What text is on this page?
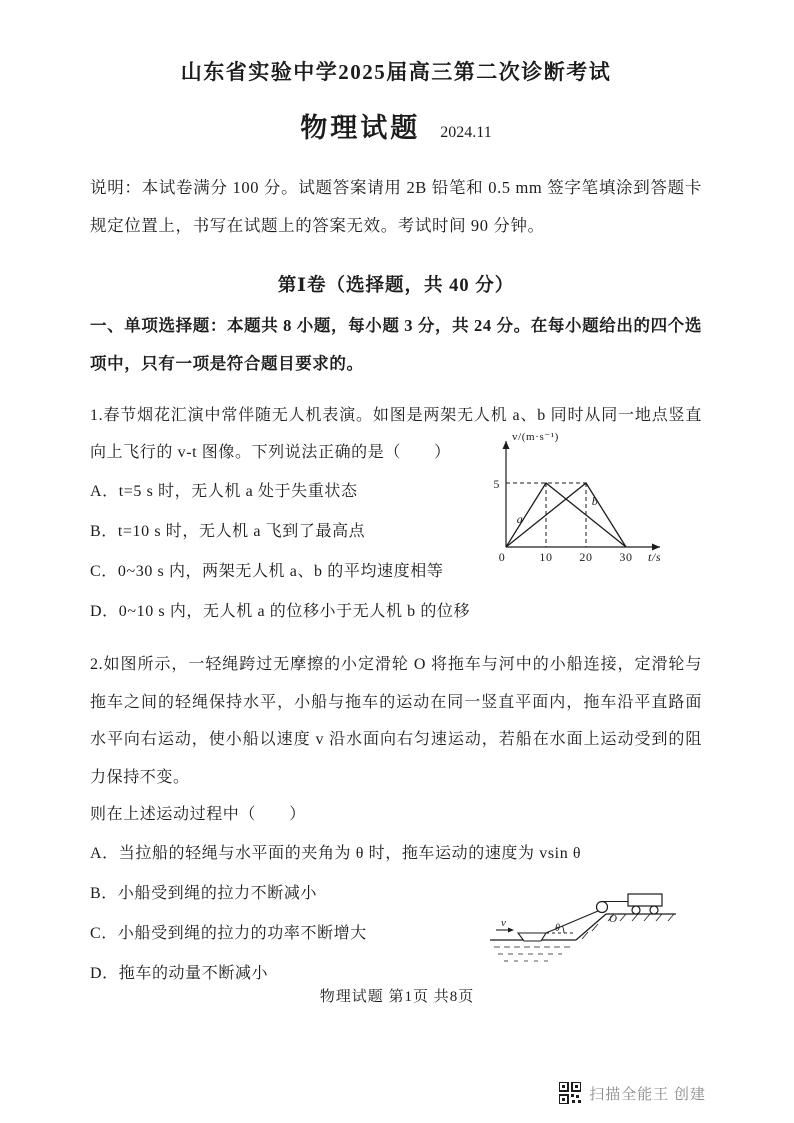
山东省实验中学2025届高三第二次诊断考试
物理试题 2024.11

说明：本试卷满分 100 分。试题答案请用 2B 铅笔和 0.5 mm 签字笔填涂到答题卡规定位置上，书写在试题上的答案无效。考试时间 90 分钟。

第Ⅰ卷（选择题，共 40 分）

一、单项选择题：本题共 8 小题，每小题 3 分，共 24 分。在每小题给出的四个选项中，只有一项是符合题目要求的。

1.春节烟花汇演中常伴随无人机表演。如图是两架无人机 a、b 同时从同一地点竖直向上飞行的 v-t 图像。下列说法正确的是（　　）

v/(m·s⁻¹)
5
0	10 20 30 t/s
a
b

A．t=5 s 时，无人机 a 处于失重状态

B．t=10 s 时，无人机 a 飞到了最高点

C．0~30 s 内，两架无人机 a、b 的平均速度相等

D．0~10 s 内，无人机 a 的位移小于无人机 b 的位移

2.如图所示，一轻绳跨过无摩擦的小定滑轮 O 将拖车与河中的小船连接，定滑轮与拖车之间的轻绳保持水平，小船与拖车的运动在同一竖直平面内，拖车沿平直路面水平向右运动，使小船以速度 v 沿水面向右匀速运动，若船在水面上运动受到的阻力保持不变。

则在上述运动过程中（　　）

v	θ
O

A．当拉船的轻绳与水平面的夹角为 θ 时，拖车运动的速度为 vsin θ

B．小船受到绳的拉力不断减小

C．小船受到绳的拉力的功率不断增大

D．拖车的动量不断减小

物理试题 第1页 共8页
扫描全能王 创建
